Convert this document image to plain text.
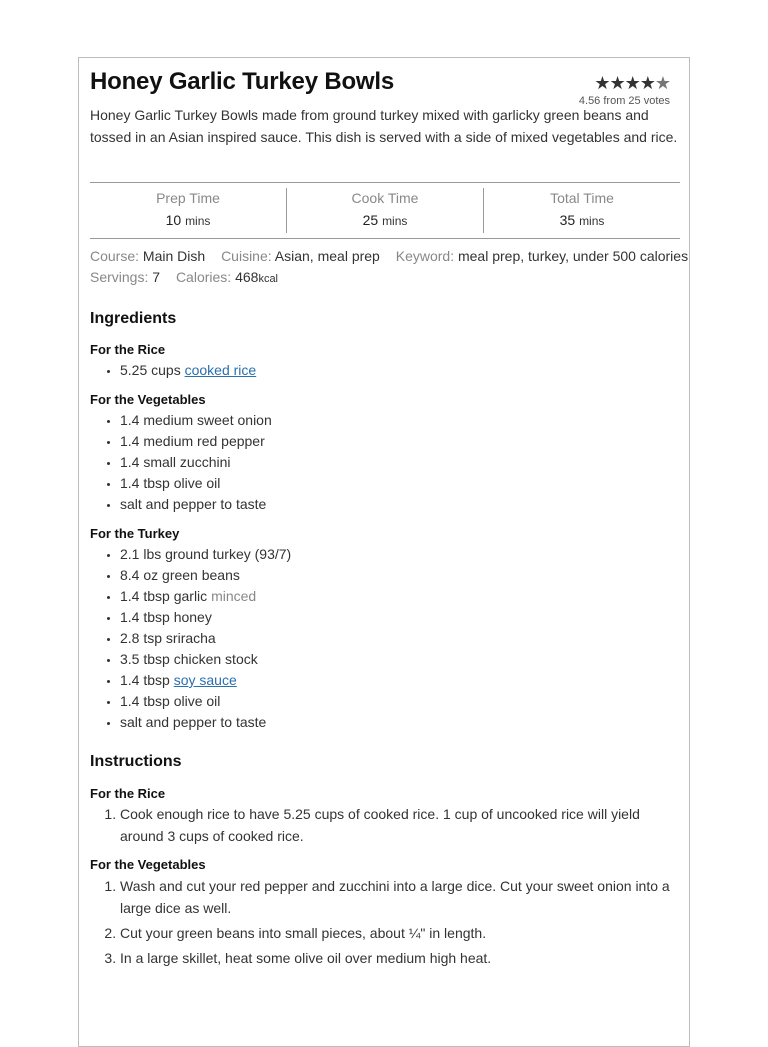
Honey Garlic Turkey Bowls	★★★★★
4.56 from 25 votes

Honey Garlic Turkey Bowls made from ground turkey mixed with garlicky green beans and tossed in an Asian inspired sauce. This dish is served with a side of mixed vegetables and rice.

Prep Time
10 mins
Cook Time
25 mins
Total Time
35 mins
Course: Main Dish Cuisine: Asian, meal prep Keyword: meal prep, turkey, under 500 calories
Servings: 7 Calories: 468kcal
Ingredients
For the Rice
• 5.25 cups cooked rice
For the Vegetables
• 1.4 medium sweet onion
• 1.4 medium red pepper
• 1.4 small zucchini
• 1.4 tbsp olive oil
• salt and pepper to taste
For the Turkey
• 2.1 lbs ground turkey (93/7)
• 8.4 oz green beans
• 1.4 tbsp garlic minced
• 1.4 tbsp honey
• 2.8 tsp sriracha
• 3.5 tbsp chicken stock
• 1.4 tbsp soy sauce
• 1.4 tbsp olive oil
• salt and pepper to taste
Instructions
For the Rice
1. Cook enough rice to have 5.25 cups of cooked rice. 1 cup of uncooked rice will yield around 3 cups of cooked rice.
For the Vegetables
1. Wash and cut your red pepper and zucchini into a large dice. Cut your sweet onion into a large dice as well.
2. Cut your green beans into small pieces, about ¼" in length.
3. In a large skillet, heat some olive oil over medium high heat.
